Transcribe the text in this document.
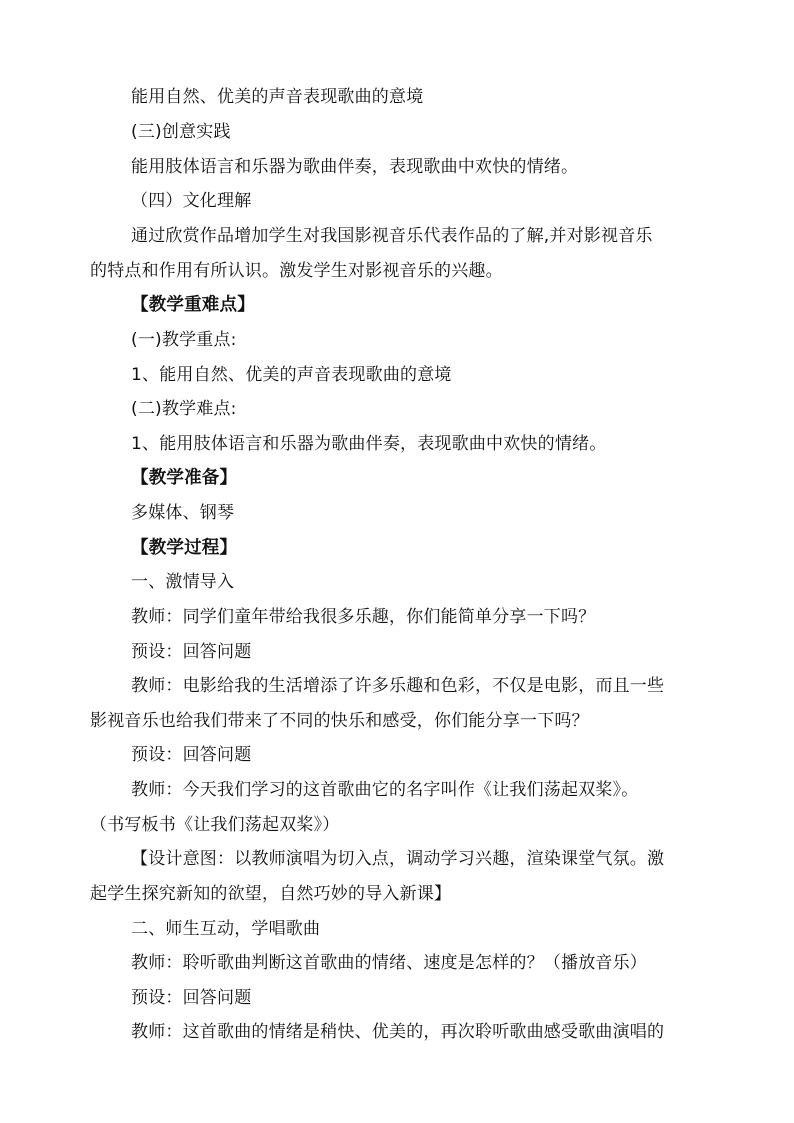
能用自然、优美的声音表现歌曲的意境
(三)创意实践
能用肢体语言和乐器为歌曲伴奏，表现歌曲中欢快的情绪。
（四）文化理解
通过欣赏作品增加学生对我国影视音乐代表作品的了解,并对影视音乐
的特点和作用有所认识。激发学生对影视音乐的兴趣。
【教学重难点】
(一)教学重点:
1、能用自然、优美的声音表现歌曲的意境
(二)教学难点:
1、能用肢体语言和乐器为歌曲伴奏，表现歌曲中欢快的情绪。
【教学准备】
多媒体、钢琴
【教学过程】
一、激情导入
教师：同学们童年带给我很多乐趣，你们能简单分享一下吗？
预设：回答问题
教师：电影给我的生活增添了许多乐趣和色彩，不仅是电影，而且一些
影视音乐也给我们带来了不同的快乐和感受，你们能分享一下吗？
预设：回答问题
教师：今天我们学习的这首歌曲它的名字叫作《让我们荡起双桨》。
（书写板书《让我们荡起双桨》）
【设计意图：以教师演唱为切入点，调动学习兴趣，渲染课堂气氛。激
起学生探究新知的欲望，自然巧妙的导入新课】
二、师生互动，学唱歌曲
教师：聆听歌曲判断这首歌曲的情绪、速度是怎样的？（播放音乐）
预设：回答问题
教师：这首歌曲的情绪是稍快、优美的，再次聆听歌曲感受歌曲演唱的
